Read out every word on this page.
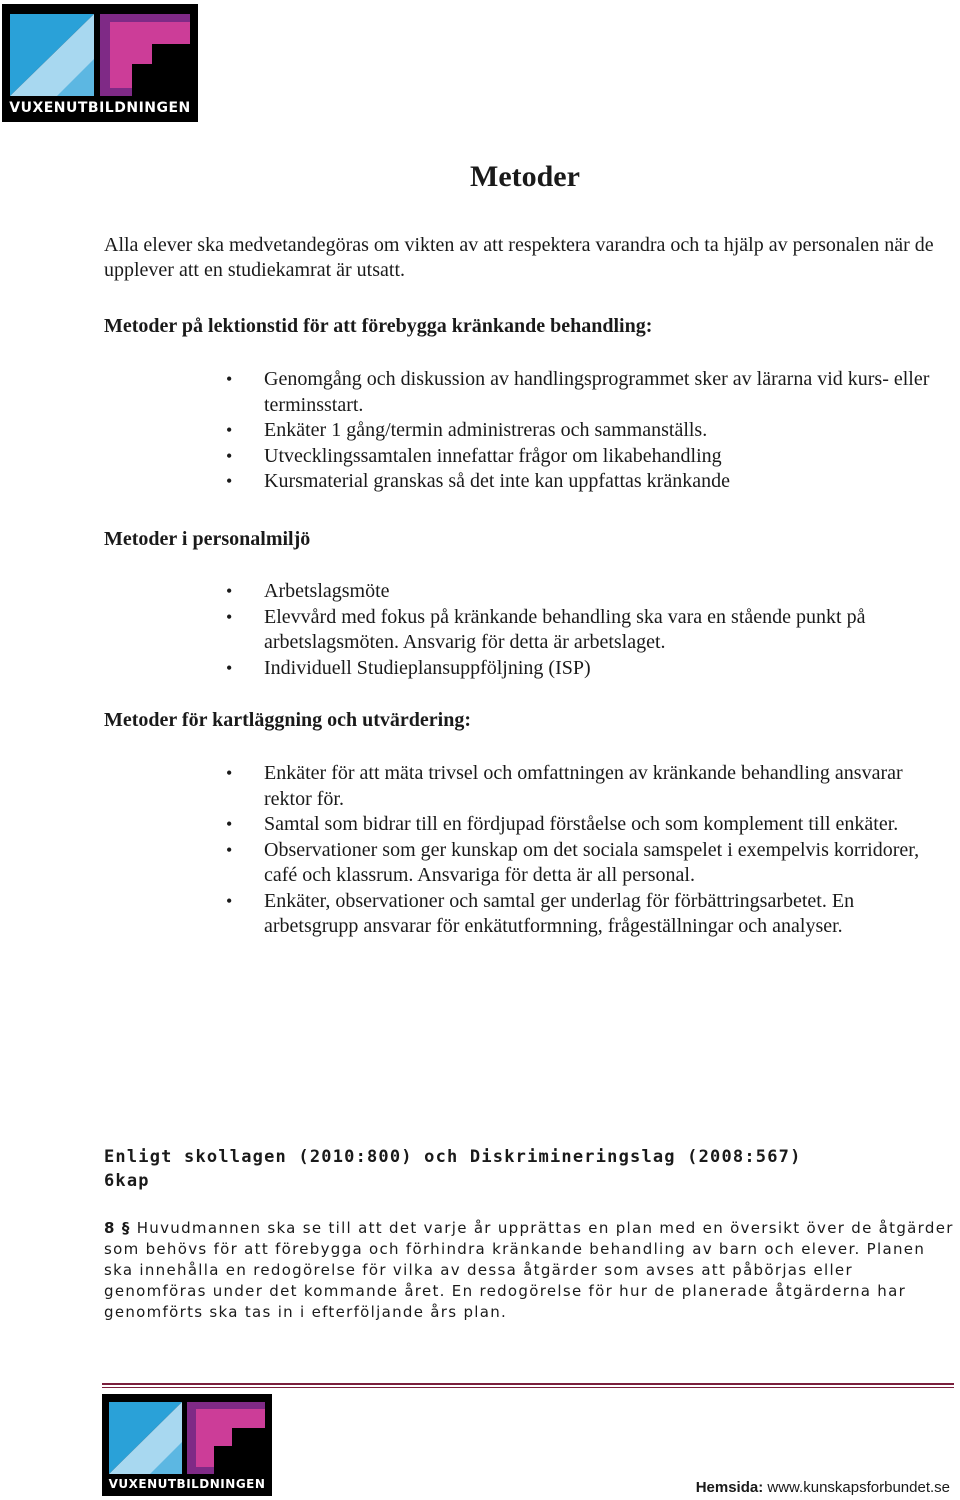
VUXENUTBILDNINGEN
Metoder

Alla elever ska medvetandegöras om vikten av att respektera varandra och ta hjälp av personalen när de upplever att en studiekamrat är utsatt.

Metoder på lektionstid för att förebygga kränkande behandling:

• Genomgång och diskussion av handlingsprogrammet sker av lärarna vid kurs- eller terminsstart.
• Enkäter 1 gång/termin administreras och sammanställs.
• Utvecklingssamtalen innefattar frågor om likabehandling
• Kursmaterial granskas så det inte kan uppfattas kränkande

Metoder i personalmiljö

• Arbetslagsmöte
• Elevvård med fokus på kränkande behandling ska vara en stående punkt på arbetslagsmöten. Ansvarig för detta är arbetslaget.
• Individuell Studieplansuppföljning (ISP)

Metoder för kartläggning och utvärdering:

• Enkäter för att mäta trivsel och omfattningen av kränkande behandling ansvarar rektor för.
• Samtal som bidrar till en fördjupad förståelse och som komplement till enkäter.
• Observationer som ger kunskap om det sociala samspelet i exempelvis korridorer, café och klassrum. Ansvariga för detta är all personal.
• Enkäter, observationer och samtal ger underlag för förbättringsarbetet. En arbetsgrupp ansvarar för enkätutformning, frågeställningar och analyser.
Enligt skollagen (2010:800) och Diskrimineringslag (2008:567)
6kap

8 § Huvudmannen ska se till att det varje år upprättas en plan med en översikt över de åtgärder som behövs för att förebygga och förhindra kränkande behandling av barn och elever. Planen ska innehålla en redogörelse för vilka av dessa åtgärder som avses att påbörjas eller genomföras under det kommande året. En redogörelse för hur de planerade åtgärderna har genomförts ska tas in i efterföljande års plan.

VUXENUTBILDNINGEN	Hemsida: www.kunskapsforbundet.se
